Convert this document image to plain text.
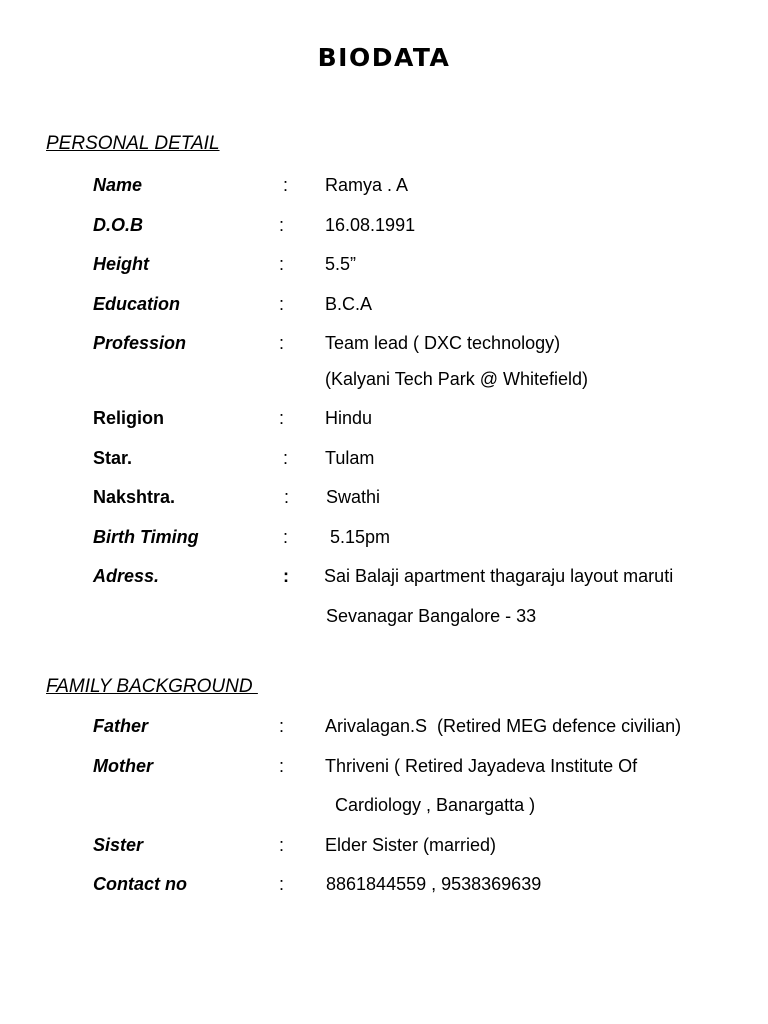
BIODATA
PERSONAL DETAIL
Name	: Ramya . A
D.O.B	: 16.08.1991
Height	: 5.5”
Education	: B.C.A
Profession	: Team lead ( DXC technology)
(Kalyani Tech Park @ Whitefield)
Religion	: Hindu
Star.	: Tulam
Nakshtra.	: Swathi
Birth Timing	: 5.15pm
Adress.	: Sai Balaji apartment thagaraju layout maruti
Sevanagar Bangalore - 33
FAMILY BACKGROUND
Father	: Arivalagan.S  (Retired MEG defence civilian)
Mother	: Thriveni ( Retired Jayadeva Institute Of
Cardiology , Banargatta )
Sister	: Elder Sister (married)
Contact no	: 8861844559 , 9538369639
